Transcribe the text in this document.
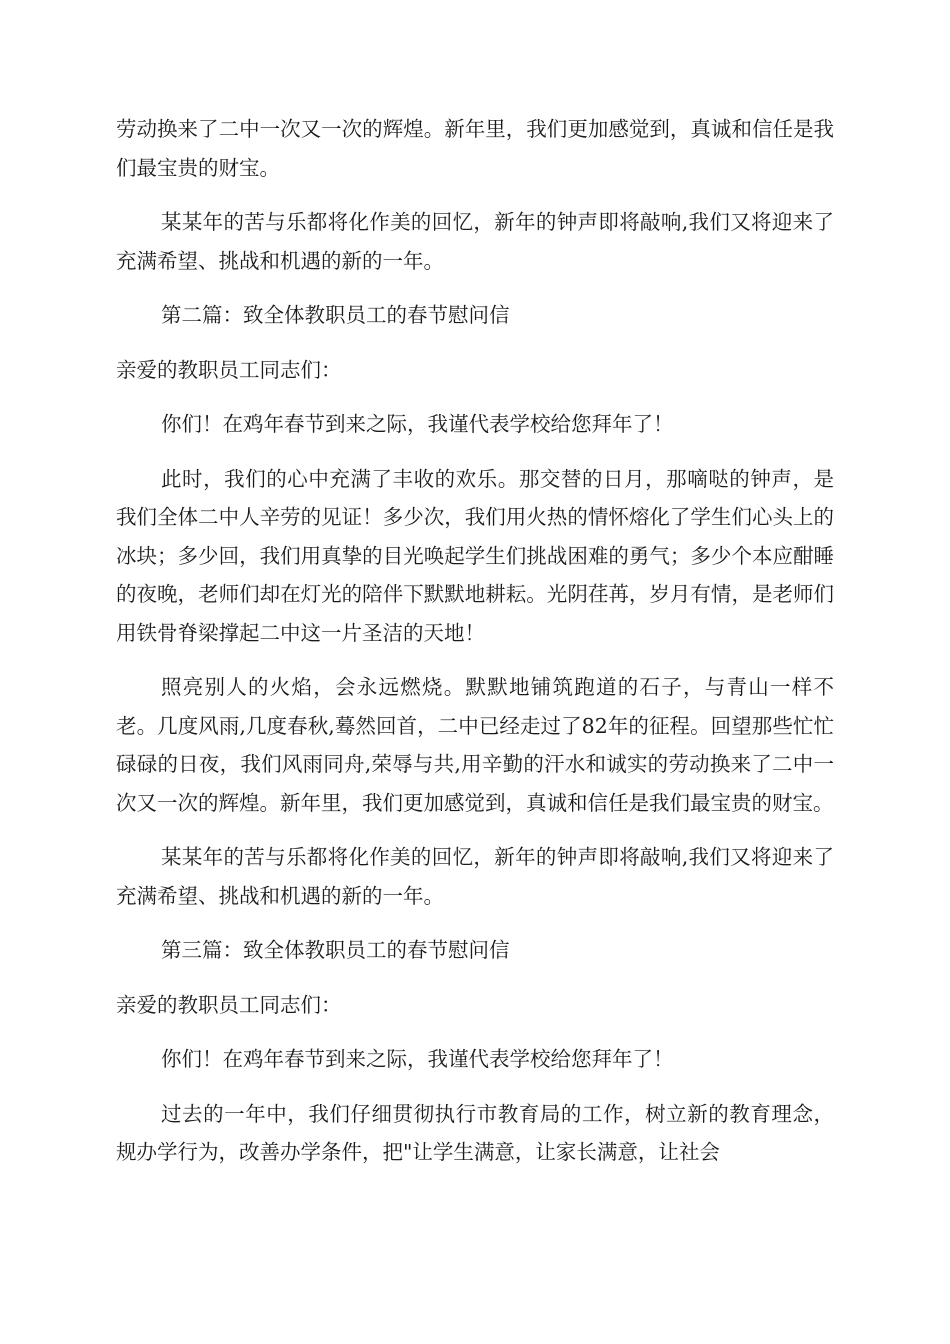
劳动换来了二中一次又一次的辉煌。新年里，我们更加感觉到，真诚和信任是我们最宝贵的财宝。

某某年的苦与乐都将化作美的回忆，新年的钟声即将敲响,我们又将迎来了充满希望、挑战和机遇的新的一年。

第二篇：致全体教职员工的春节慰问信

亲爱的教职员工同志们：

你们！在鸡年春节到来之际，我谨代表学校给您拜年了！

此时，我们的心中充满了丰收的欢乐。那交替的日月，那嘀哒的钟声，是我们全体二中人辛劳的见证！多少次，我们用火热的情怀熔化了学生们心头上的冰块；多少回，我们用真挚的目光唤起学生们挑战困难的勇气；多少个本应酣睡的夜晚，老师们却在灯光的陪伴下默默地耕耘。光阴荏苒，岁月有情，是老师们用铁骨脊梁撑起二中这一片圣洁的天地！

照亮别人的火焰，会永远燃烧。默默地铺筑跑道的石子，与青山一样不老。几度风雨,几度春秋,蓦然回首，二中已经走过了82年的征程。回望那些忙忙碌碌的日夜，我们风雨同舟,荣辱与共,用辛勤的汗水和诚实的劳动换来了二中一次又一次的辉煌。新年里，我们更加感觉到，真诚和信任是我们最宝贵的财宝。

某某年的苦与乐都将化作美的回忆，新年的钟声即将敲响,我们又将迎来了充满希望、挑战和机遇的新的一年。

第三篇：致全体教职员工的春节慰问信

亲爱的教职员工同志们：

你们！在鸡年春节到来之际，我谨代表学校给您拜年了！

过去的一年中，我们仔细贯彻执行市教育局的工作，树立新的教育理念，规办学行为，改善办学条件，把"让学生满意，让家长满意，让社会
